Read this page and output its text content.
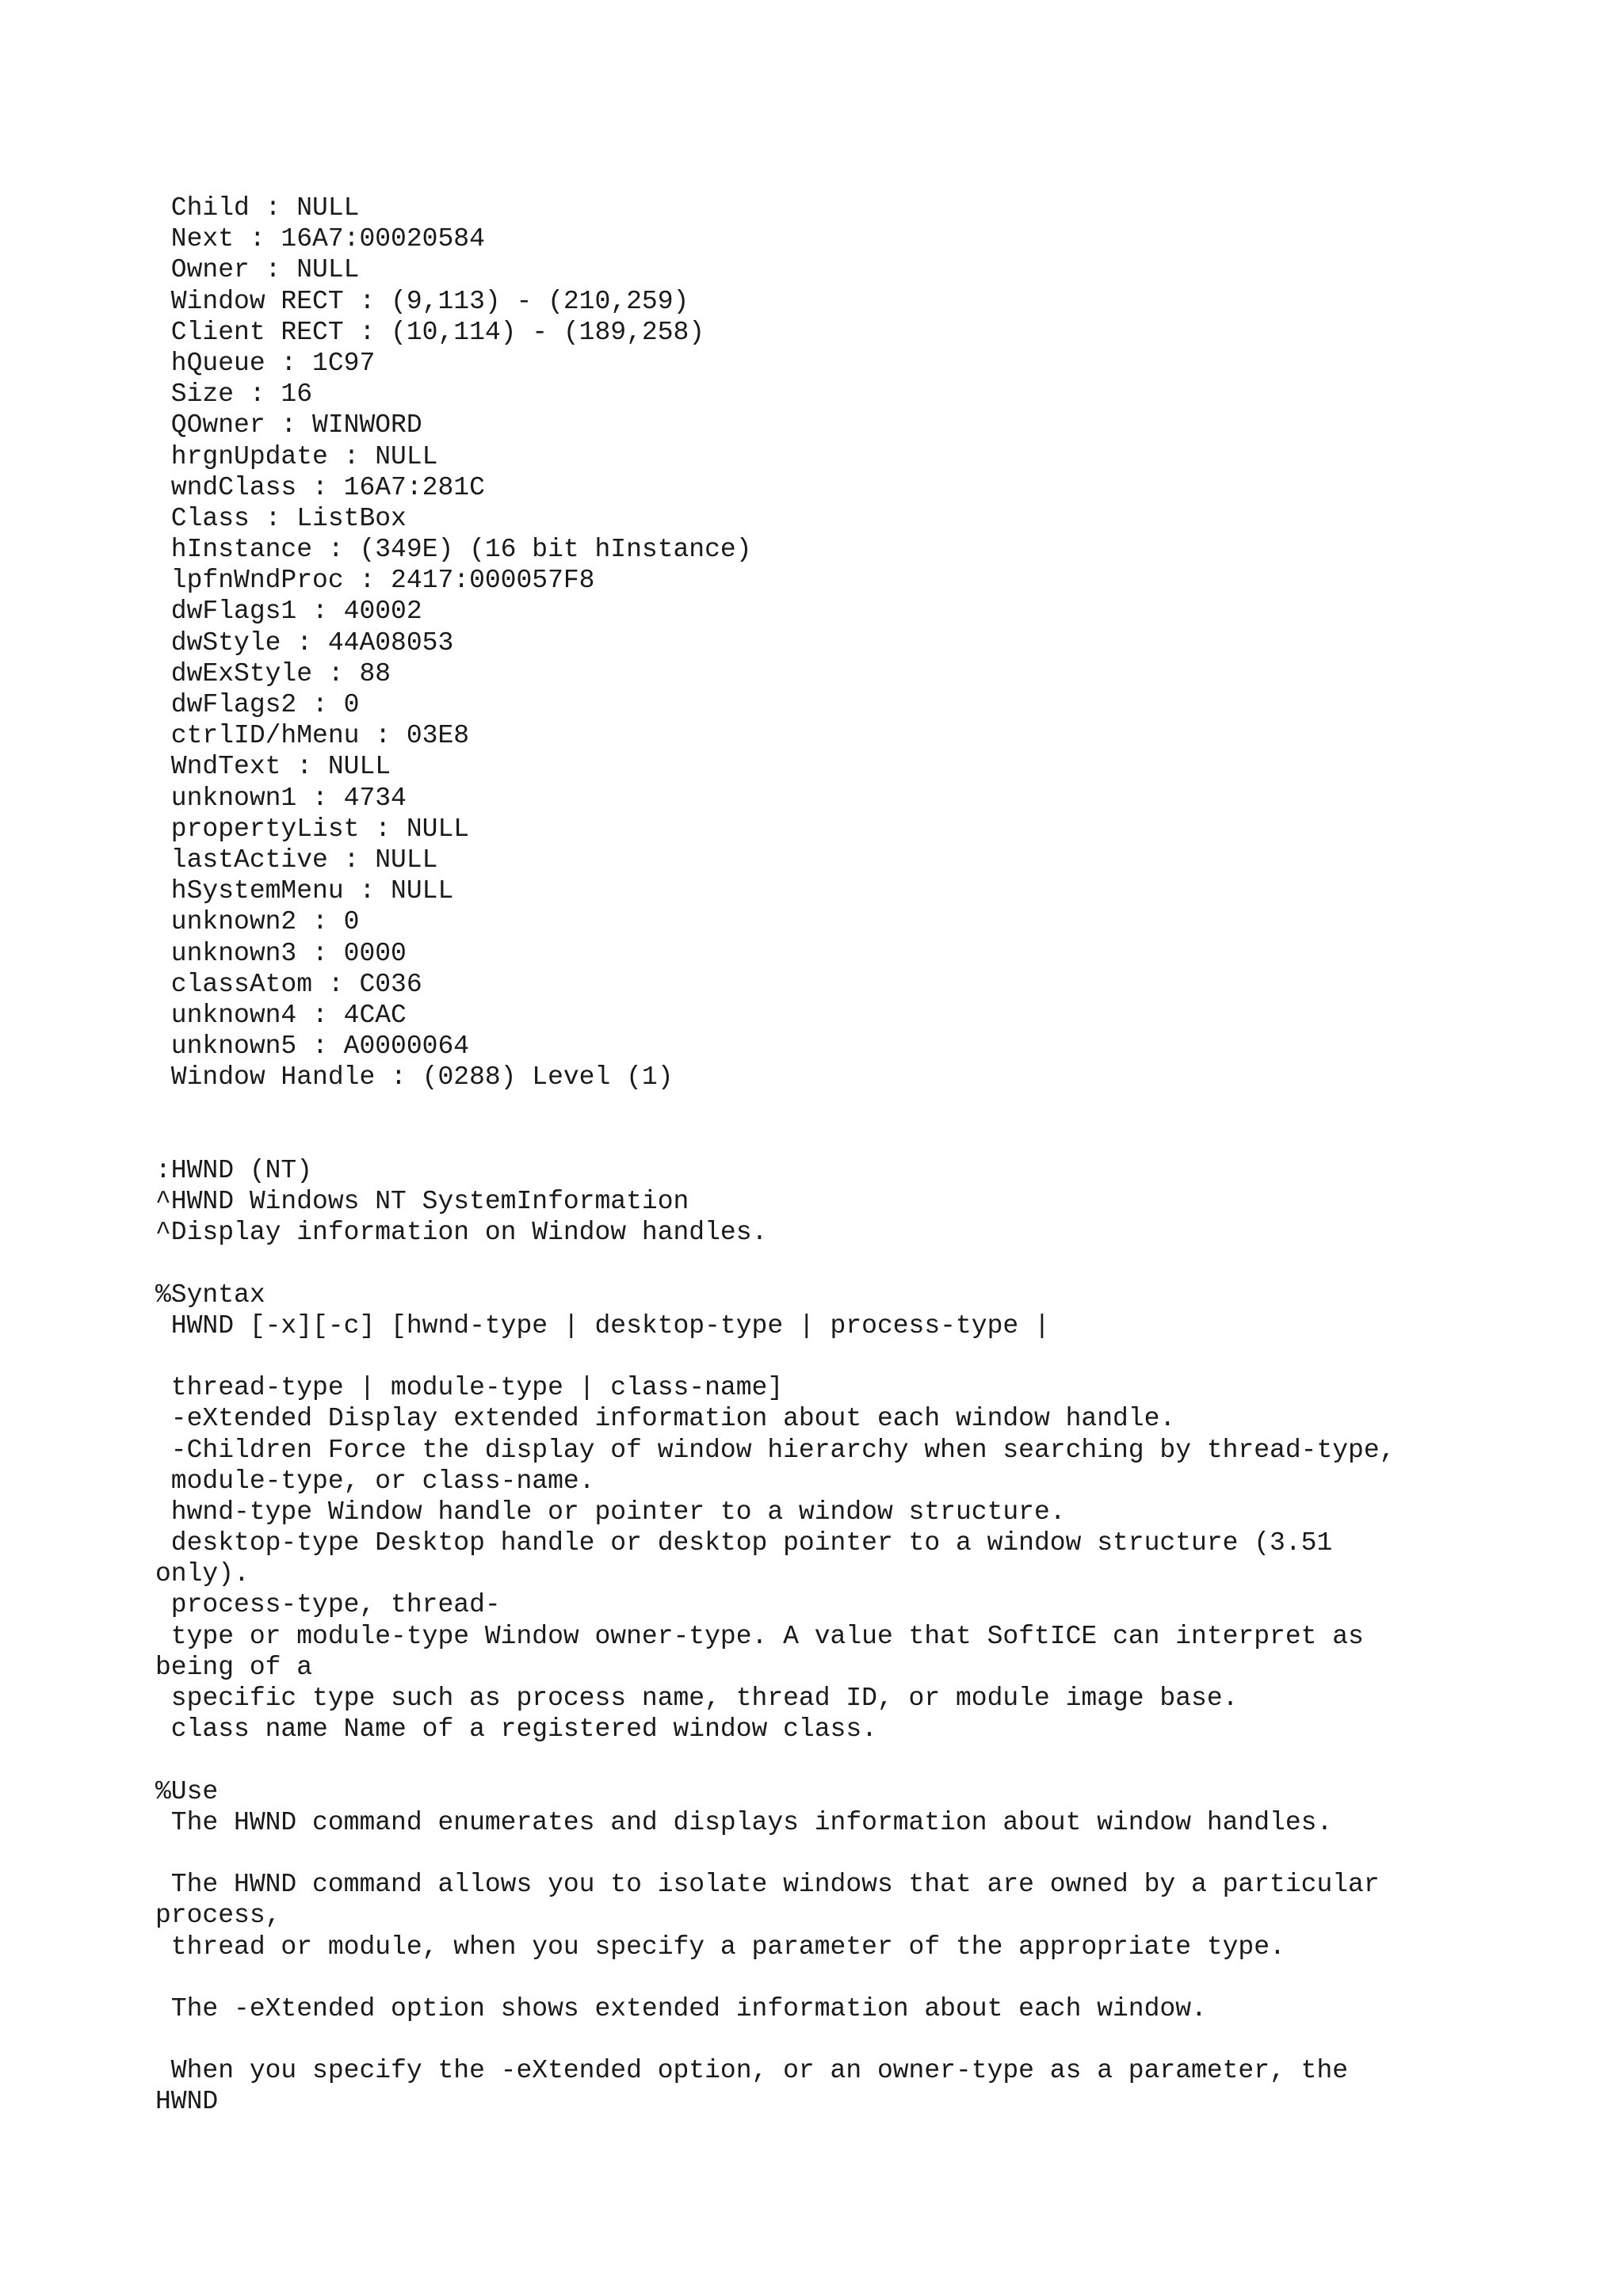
Child : NULL
Next : 16A7:00020584
Owner : NULL
Window RECT : (9,113) - (210,259)
Client RECT : (10,114) - (189,258)
hQueue : 1C97
Size : 16
QOwner : WINWORD
hrgnUpdate : NULL
wndClass : 16A7:281C
Class : ListBox
hInstance : (349E) (16 bit hInstance)
lpfnWndProc : 2417:000057F8
dwFlags1 : 40002
dwStyle : 44A08053
dwExStyle : 88
dwFlags2 : 0
ctrlID/hMenu : 03E8
WndText : NULL
unknown1 : 4734
propertyList : NULL
lastActive : NULL
hSystemMenu : NULL
unknown2 : 0
unknown3 : 0000
classAtom : C036
unknown4 : 4CAC
unknown5 : A0000064
Window Handle : (0288) Level (1)
:HWND (NT)
^HWND Windows NT SystemInformation
^Display information on Window handles.
%Syntax
HWND [-x][-c] [hwnd-type | desktop-type | process-type |
thread-type | module-type | class-name]
-eXtended Display extended information about each window handle.
-Children Force the display of window hierarchy when searching by thread-type,
module-type, or class-name.
hwnd-type Window handle or pointer to a window structure.
desktop-type Desktop handle or desktop pointer to a window structure (3.51
only).
process-type, thread-
type or module-type Window owner-type. A value that SoftICE can interpret as
being of a
specific type such as process name, thread ID, or module image base.
class name Name of a registered window class.
%Use
The HWND command enumerates and displays information about window handles.
The HWND command allows you to isolate windows that are owned by a particular
process,
thread or module, when you specify a parameter of the appropriate type.
The -eXtended option shows extended information about each window.
When you specify the -eXtended option, or an owner-type as a parameter, the
HWND
